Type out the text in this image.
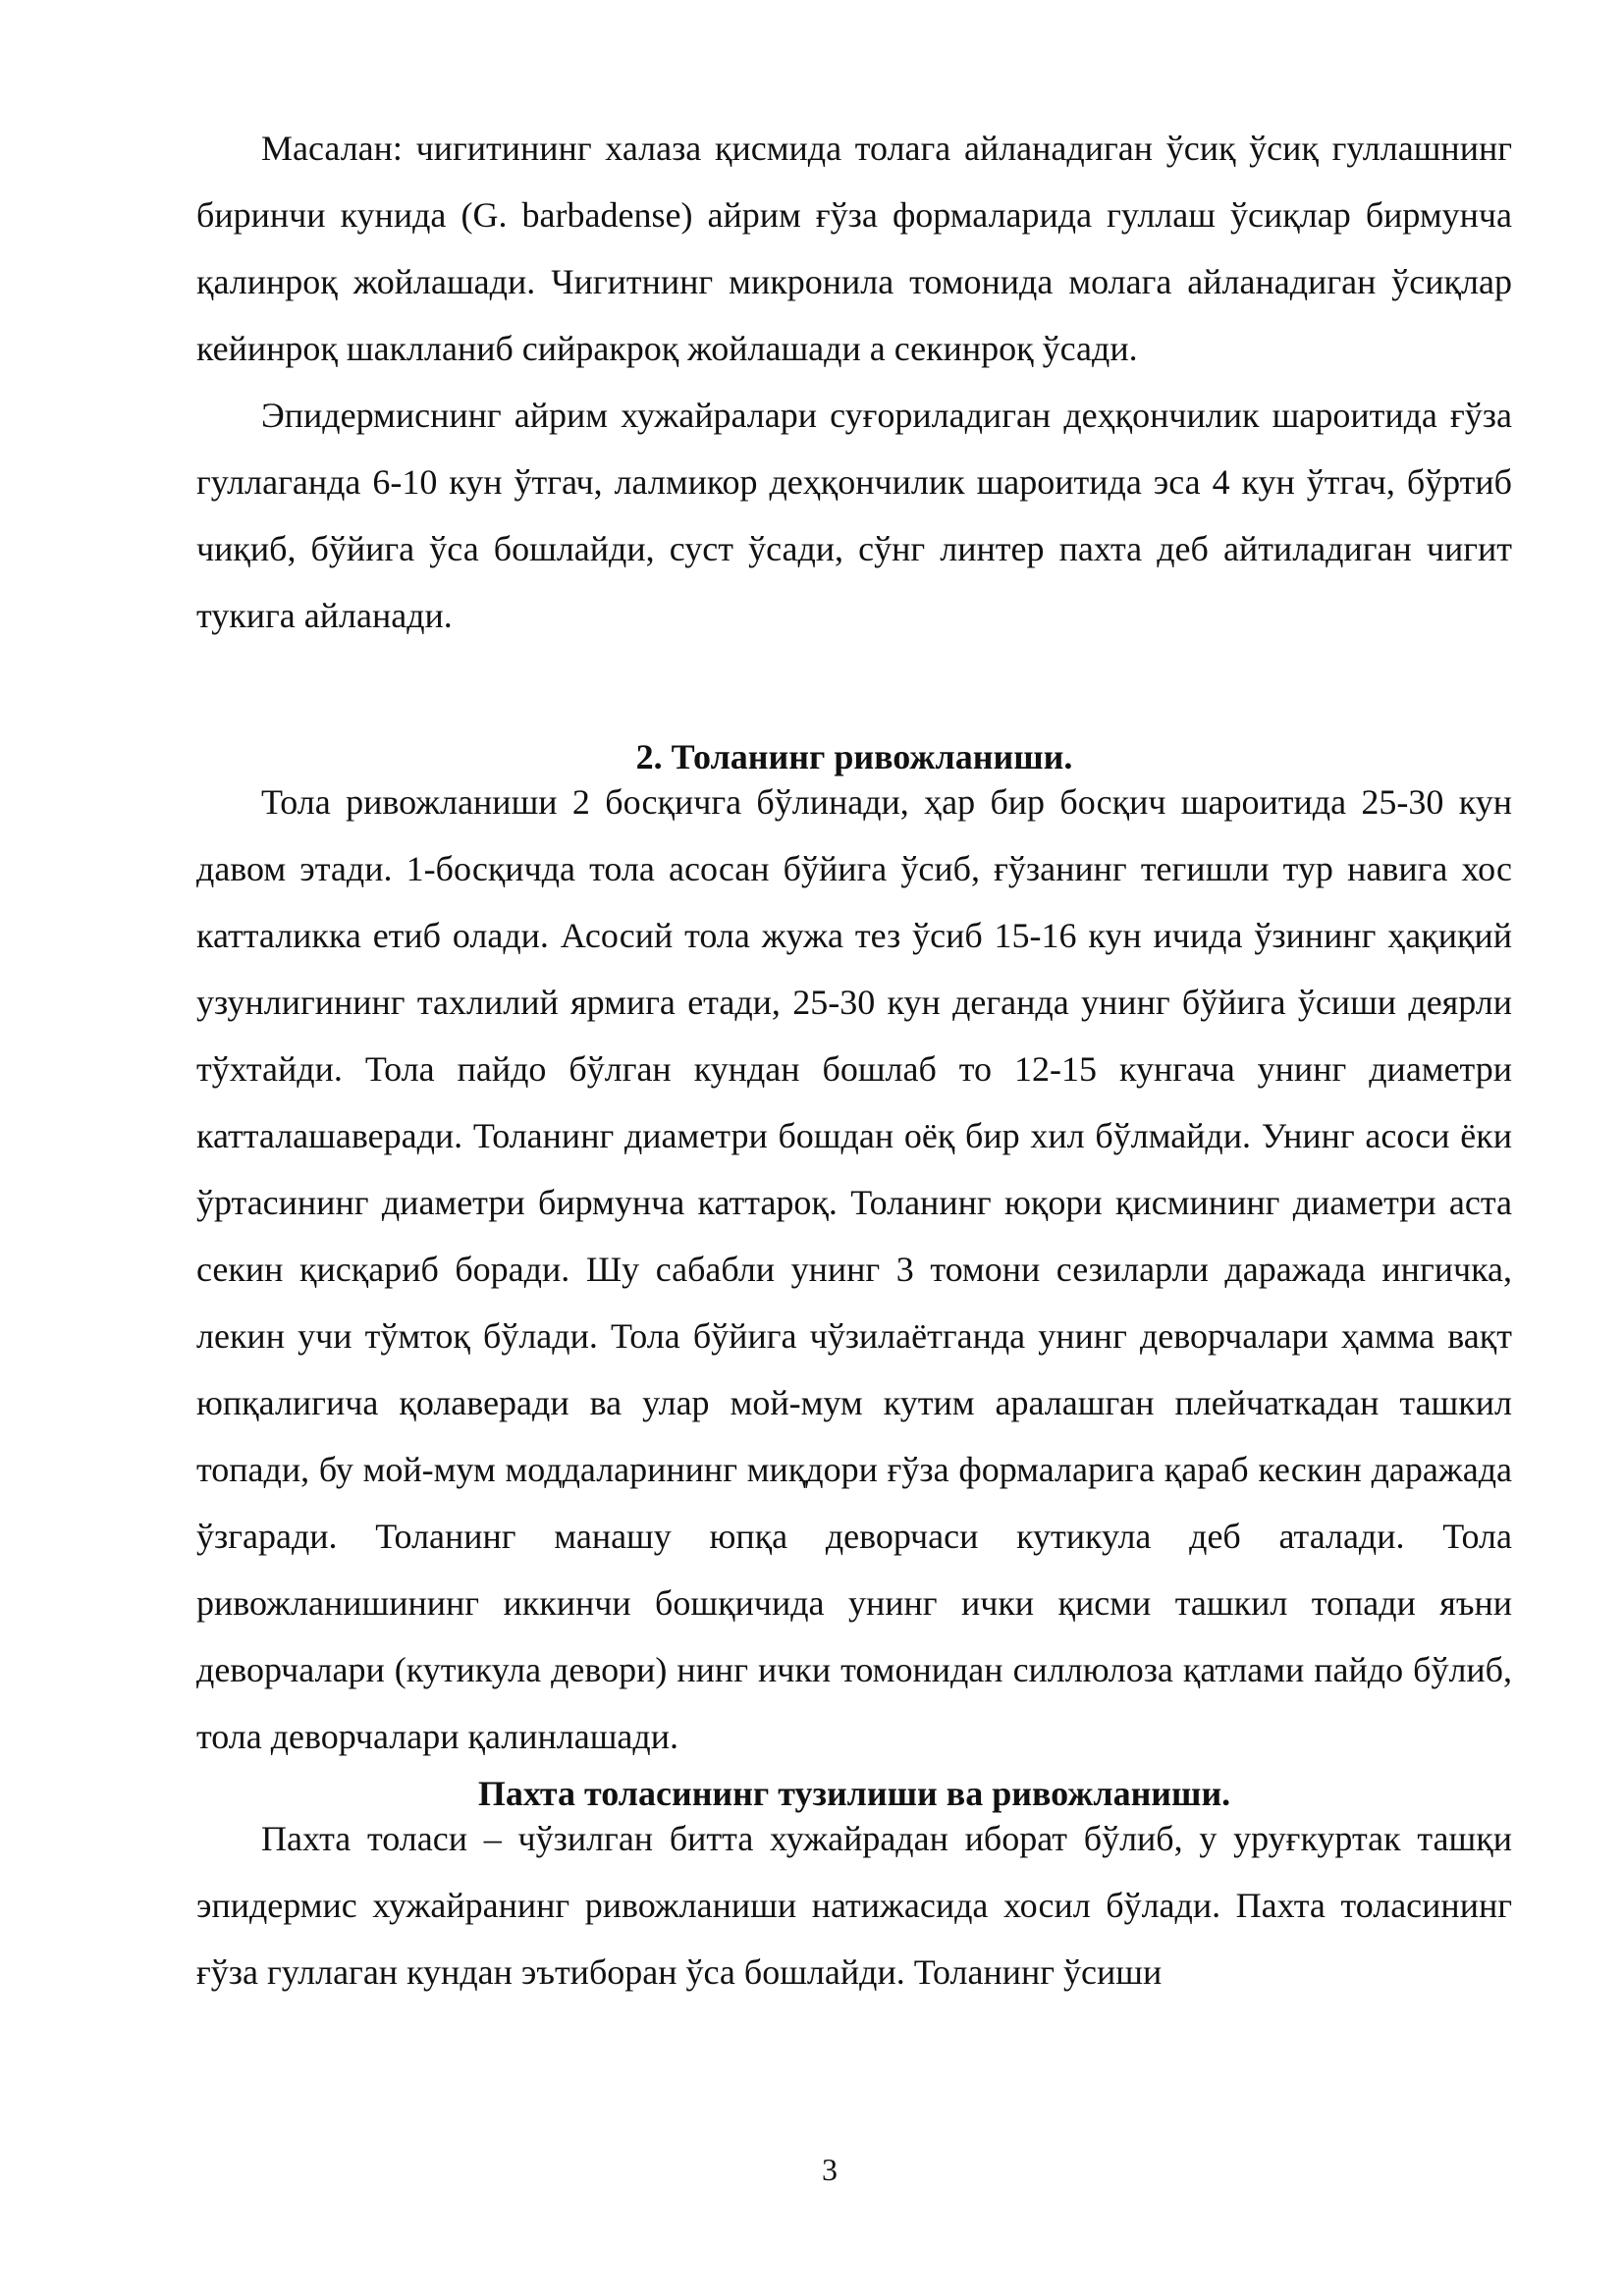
Масалан: чигитининг халаза қисмида толага айланадиган ўсиқ ўсиқ гуллашнинг биринчи кунида (G. barbadense) айрим ғўза формаларида гуллаш ўсиқлар бирмунча қалинроқ жойлашади. Чигитнинг микронила томонида молага айланадиган ўсиқлар кейинроқ шаклланиб сийракроқ жойлашади а секинроқ ўсади.

Эпидермиснинг айрим хужайралари суғориладиган деҳқончилик шароитида ғўза гуллаганда 6-10 кун ўтгач, лалмикор деҳқончилик шароитида эса 4 кун ўтгач, бўртиб чиқиб, бўйига ўса бошлайди, суст ўсади, сўнг линтер пахта деб айтиладиган чигит тукига айланади.

2. Толанинг ривожланиши.

Тола ривожланиши 2 босқичга бўлинади, ҳар бир босқич шароитида 25-30 кун давом этади. 1-босқичда тола асосан бўйига ўсиб, ғўзанинг тегишли тур навига хос катталикка етиб олади. Асосий тола жужа тез ўсиб 15-16 кун ичида ўзининг ҳақиқий узунлигининг тахлилий ярмига етади, 25-30 кун деганда унинг бўйига ўсиши деярли тўхтайди. Тола пайдо бўлган кундан бошлаб то 12-15 кунгача унинг диаметри катталашаверади. Толанинг диаметри бошдан оёқ бир хил бўлмайди. Унинг асоси ёки ўртасининг диаметри бирмунча каттароқ. Толанинг юқори қисмининг диаметри аста секин қисқариб боради. Шу сабабли унинг 3 томони сезиларли даражада ингичка, лекин учи тўмтоқ бўлади. Тола бўйига чўзилаётганда унинг деворчалари ҳамма вақт юпқалигича қолаверади ва улар мой-мум кутим аралашган плейчаткадан ташкил топади, бу мой-мум моддаларининг миқдори ғўза формаларига қараб кескин даражада ўзгаради. Толанинг манашу юпқа деворчаси кутикула деб аталади. Тола ривожланишининг иккинчи бошқичида унинг ички қисми ташкил топади яъни деворчалари (кутикула девори) нинг ички томонидан силлюлоза қатлами пайдо бўлиб, тола деворчалари қалинлашади.

Пахта толасининг тузилиши ва ривожланиши.

Пахта толаси – чўзилган битта хужайрадан иборат бўлиб, у уруғкуртак ташқи эпидермис хужайранинг ривожланиши натижасида хосил бўлади. Пахта толасининг ғўза гуллаган кундан эътиборан ўса бошлайди. Толанинг ўсиши

3
